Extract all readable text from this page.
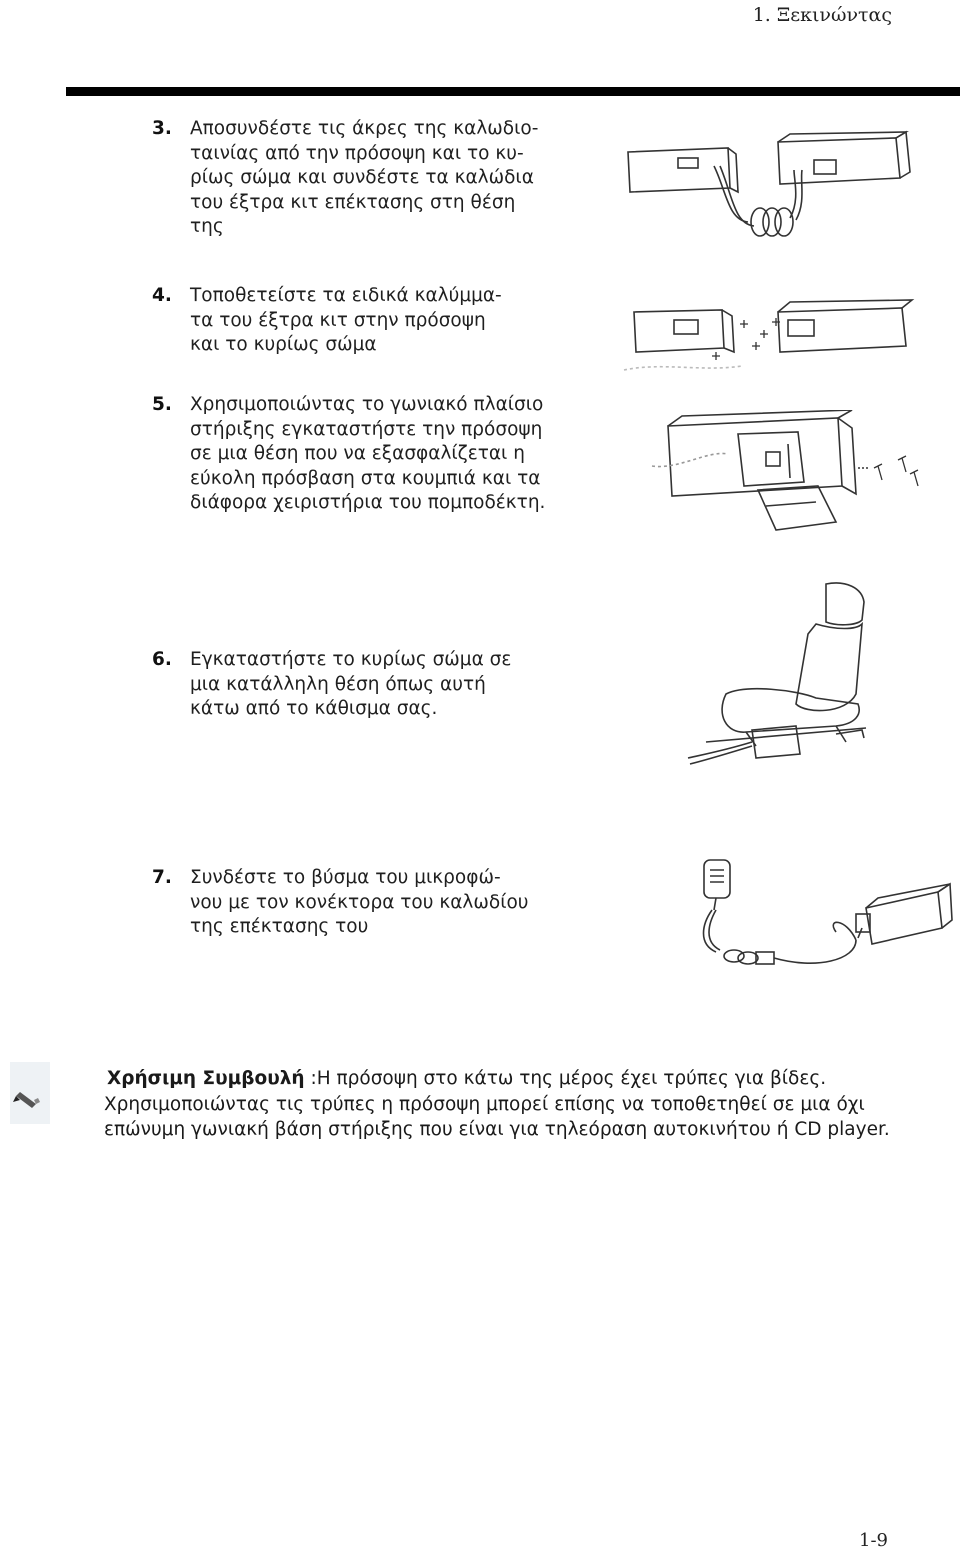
1. Ξεκινώντας
3. Αποσυνδέστε τις άκρες της καλωδιο-
ταινίας από την πρόσοψη και το κυ-
ρίως σώμα και συνδέστε τα καλώδια
του έξτρα κιτ επέκτασης στη θέση
της
4. Τοποθετείστε τα ειδικά καλύμμα-
τα του έξτρα κιτ στην πρόσοψη
και το κυρίως σώμα
5. Χρησιμοποιώντας το γωνιακό πλαίσιο
στήριξης εγκαταστήστε την πρόσοψη
σε μια θέση που να εξασφαλίζεται η
εύκολη πρόσβαση στα κουμπιά και τα
διάφορα χειριστήρια του πομποδέκτη.
6. Εγκαταστήστε το κυρίως σώμα σε
μια κατάλληλη θέση όπως αυτή
κάτω από το κάθισμα σας.
7. Συνδέστε το βύσμα του μικροφώ-
νου με τον κονέκτορα του καλωδίου
της επέκτασης του
Χρήσιμη Συμβουλή :Η πρόσοψη στο κάτω της μέρος έχει τρύπες για βίδες.
Χρησιμοποιώντας τις τρύπες η πρόσοψη μπορεί επίσης να τοποθετηθεί σε μια όχι
επώνυμη γωνιακή βάση στήριξης που είναι για τηλεόραση αυτοκινήτου ή CD player.
1-9
